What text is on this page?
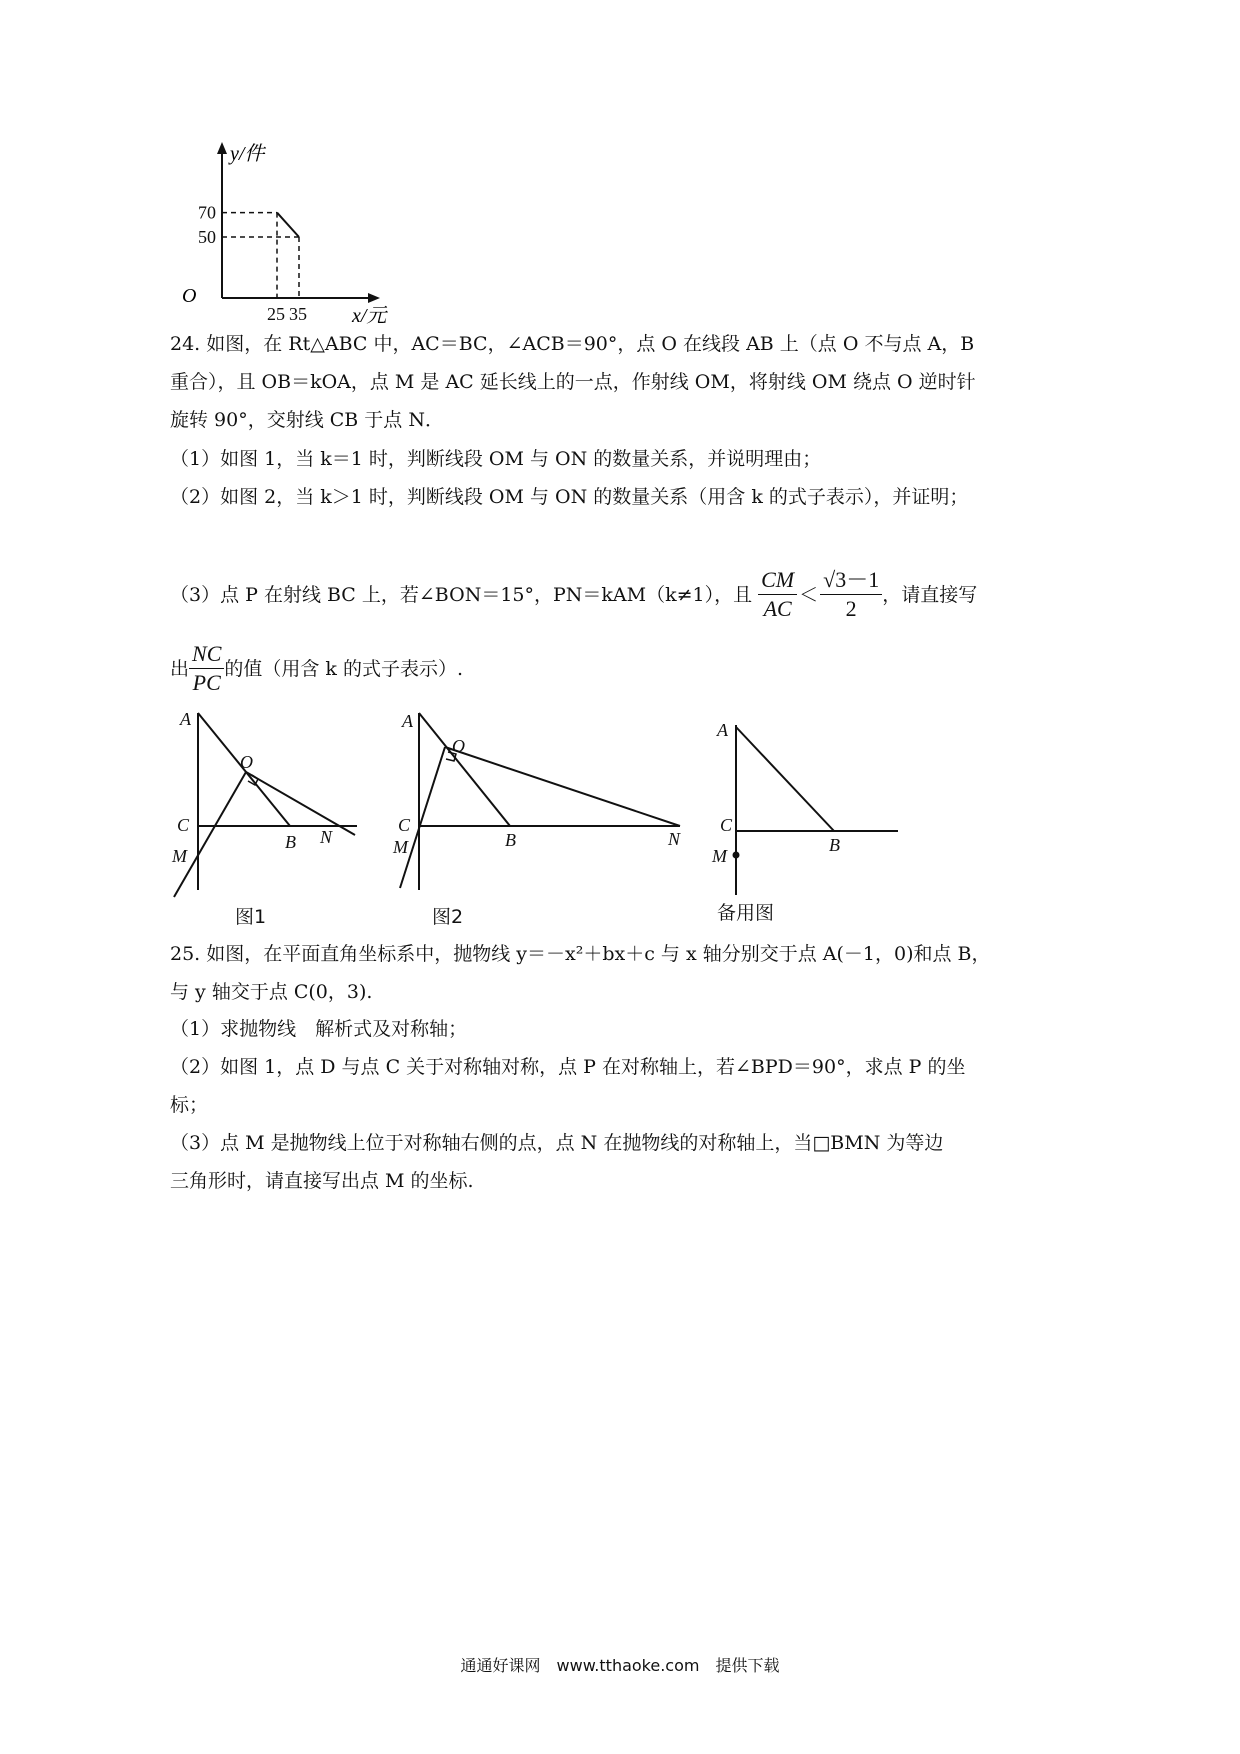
70
50
25 35
y/件
x/元
O
24. 如图，在 Rt△ABC 中，AC＝BC，∠ACB＝90°，点 O 在线段 AB 上（点 O 不与点 A，B
重合），且 OB＝kOA，点 M 是 AC 延长线上的一点，作射线 OM，将射线 OM 绕点 O 逆时针
旋转 90°，交射线 CB 于点 N．
（1）如图 1，当 k＝1 时，判断线段 OM 与 ON 的数量关系，并说明理由；
（2）如图 2，当 k＞1 时，判断线段 OM 与 ON 的数量关系（用含 k 的式子表示），并证明；
（3）点 P 在射线 BC 上，若∠BON＝15°，PN＝kAM（k≠1），且 $\frac{CM}{AC} < \frac{√3-1}{2}$ ，请直接写
出 $\frac{NC}{PC}$ 的值（用含 k 的式子表示）.
A
O
C
M
B N
A
O
C
M	B	N
A
C
M
B
图1	图2	备用图
25. 如图，在平面直角坐标系中，抛物线 y＝－x²＋bx＋c 与 x 轴分别交于点 A(－1，0)和点 B，
与 y 轴交于点 C(0，3).
（1）求抛物线　解析式及对称轴；
（2）如图 1，点 D 与点 C 关于对称轴对称，点 P 在对称轴上，若∠BPD＝90°，求点 P 的坐
标；
（3）点 M 是抛物线上位于对称轴右侧的点，点 N 在抛物线的对称轴上，当□BMN 为等边
三角形时，请直接写出点 M 的坐标.
通通好课网　www.tthaoke.com　提供下载
